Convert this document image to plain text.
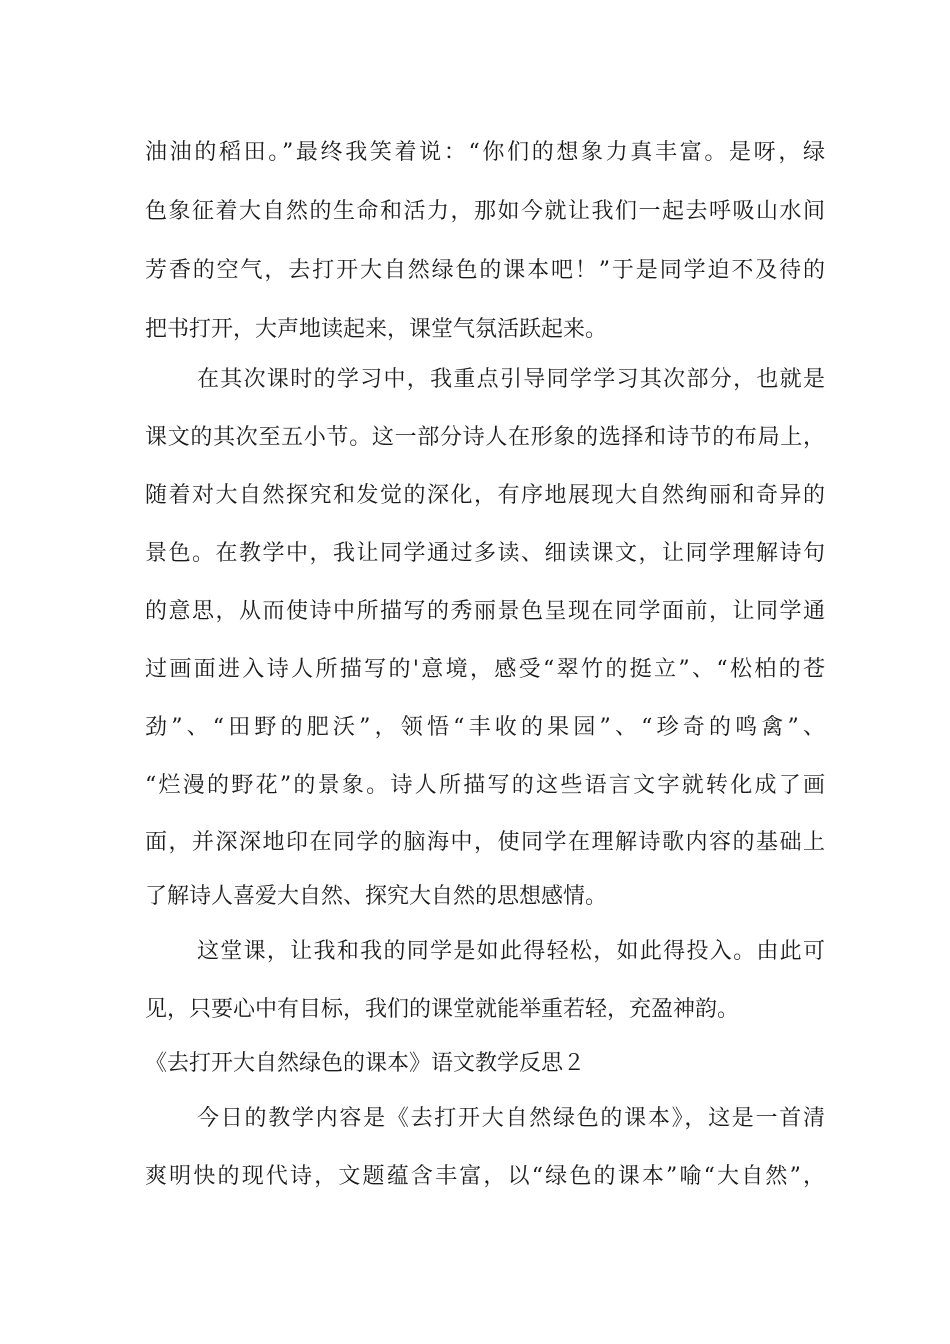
油油的稻田。”最终我笑着说：“你们的想象力真丰富。是呀，绿
色象征着大自然的生命和活力，那如今就让我们一起去呼吸山水间
芳香的空气，去打开大自然绿色的课本吧！”于是同学迫不及待的
把书打开，大声地读起来，课堂气氛活跃起来。
在其次课时的学习中，我重点引导同学学习其次部分，也就是
课文的其次至五小节。这一部分诗人在形象的选择和诗节的布局上，
随着对大自然探究和发觉的深化，有序地展现大自然绚丽和奇异的
景色。在教学中，我让同学通过多读、细读课文，让同学理解诗句
的意思，从而使诗中所描写的秀丽景色呈现在同学面前，让同学通
过画面进入诗人所描写的'意境，感受“翠竹的挺立”、“松柏的苍
劲”、“田野的肥沃”，领悟“丰收的果园”、“珍奇的鸣禽”、
“烂漫的野花”的景象。诗人所描写的这些语言文字就转化成了画
面，并深深地印在同学的脑海中，使同学在理解诗歌内容的基础上
了解诗人喜爱大自然、探究大自然的思想感情。
这堂课，让我和我的同学是如此得轻松，如此得投入。由此可
见，只要心中有目标，我们的课堂就能举重若轻，充盈神韵。
《去打开大自然绿色的课本》语文教学反思２
今日的教学内容是《去打开大自然绿色的课本》，这是一首清
爽明快的现代诗，文题蕴含丰富，以“绿色的课本”喻“大自然”，
